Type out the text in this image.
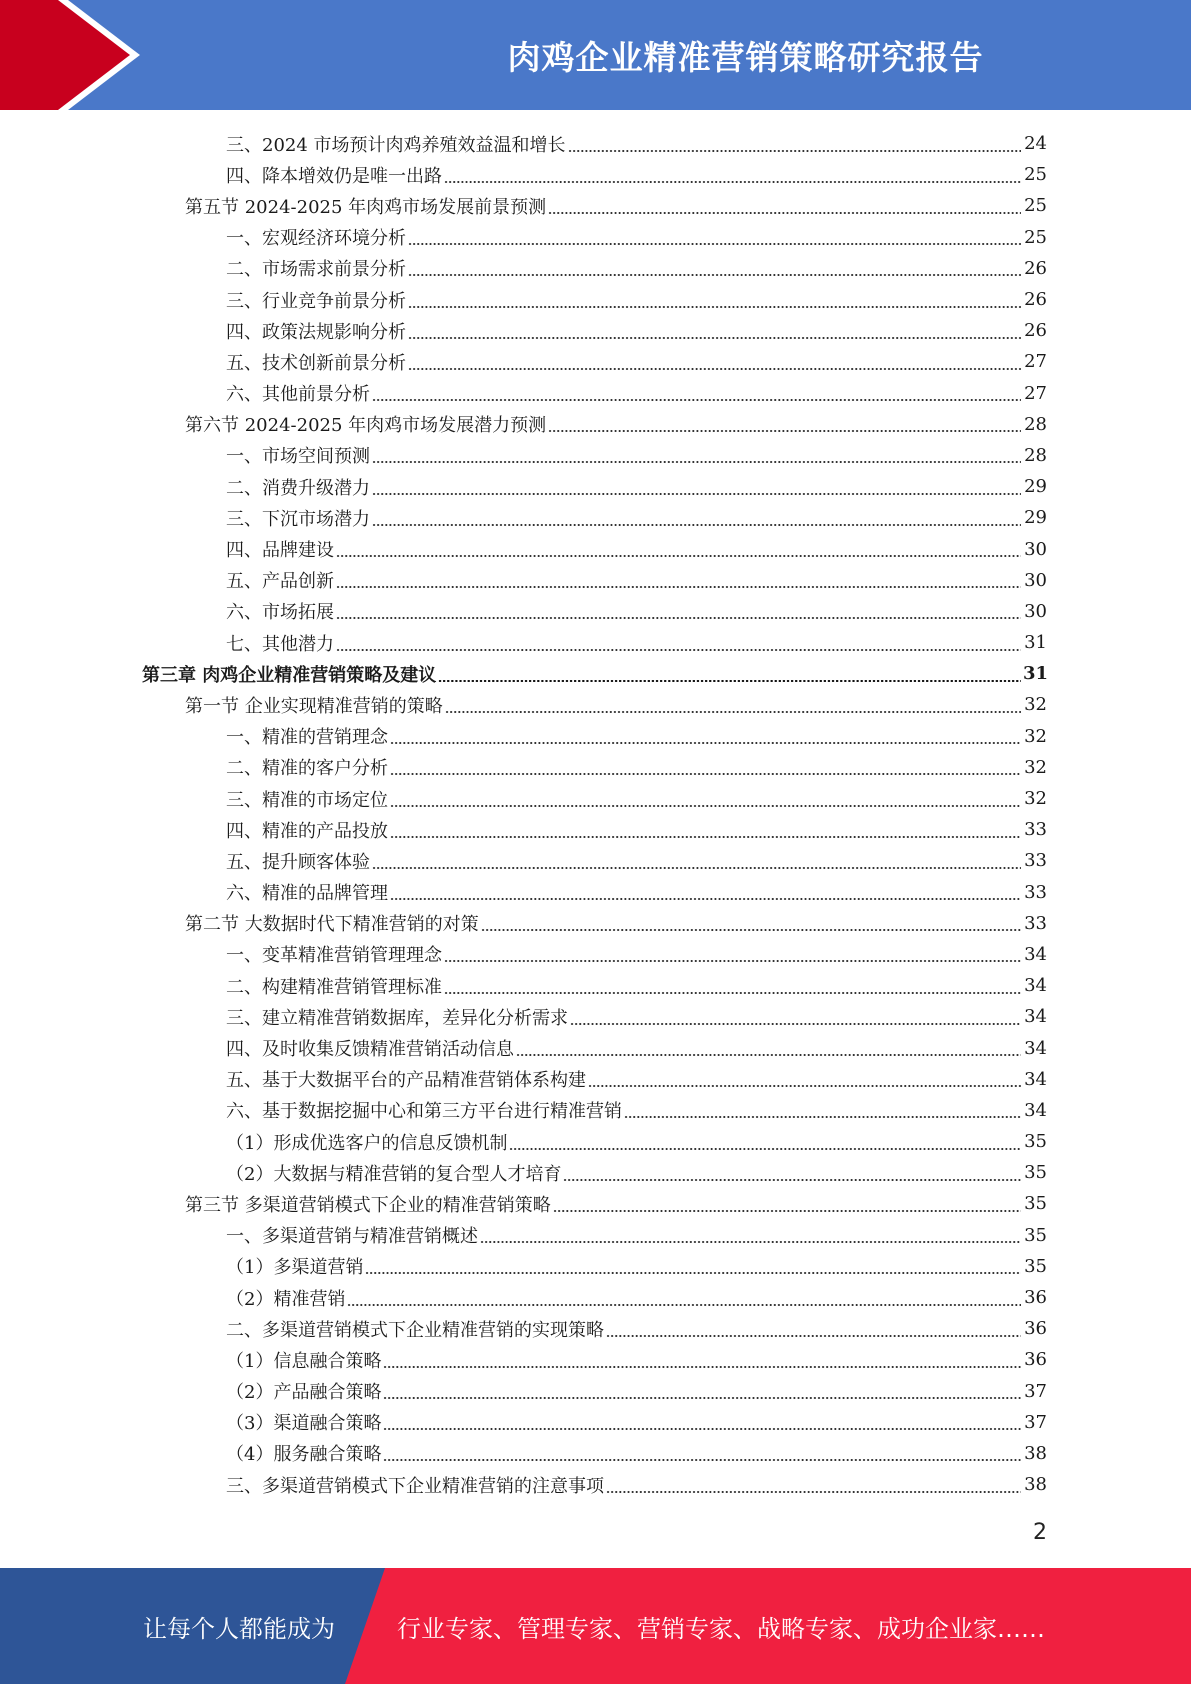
肉鸡企业精准营销策略研究报告
三、2024 市场预计肉鸡养殖效益温和增长	24
四、降本增效仍是唯一出路	25
第五节 2024-2025 年肉鸡市场发展前景预测	25
一、宏观经济环境分析	25
二、市场需求前景分析	26
三、行业竞争前景分析	26
四、政策法规影响分析	26
五、技术创新前景分析	27
六、其他前景分析	27
第六节 2024-2025 年肉鸡市场发展潜力预测	28
一、市场空间预测	28
二、消费升级潜力	29
三、下沉市场潜力	29
四、品牌建设	30
五、产品创新	30
六、市场拓展	30
七、其他潜力	31
第三章 肉鸡企业精准营销策略及建议	31
第一节 企业实现精准营销的策略	32
一、精准的营销理念	32
二、精准的客户分析	32
三、精准的市场定位	32
四、精准的产品投放	33
五、提升顾客体验	33
六、精准的品牌管理	33
第二节 大数据时代下精准营销的对策	33
一、变革精准营销管理理念	34
二、构建精准营销管理标准	34
三、建立精准营销数据库，差异化分析需求	34
四、及时收集反馈精准营销活动信息	34
五、基于大数据平台的产品精准营销体系构建	34
六、基于数据挖掘中心和第三方平台进行精准营销	34
（1）形成优选客户的信息反馈机制	35
（2）大数据与精准营销的复合型人才培育	35
第三节 多渠道营销模式下企业的精准营销策略	35
一、多渠道营销与精准营销概述	35
（1）多渠道营销	35
（2）精准营销	36
二、多渠道营销模式下企业精准营销的实现策略	36
（1）信息融合策略	36
（2）产品融合策略	37
（3）渠道融合策略	37
（4）服务融合策略	38
三、多渠道营销模式下企业精准营销的注意事项	38
2
让每个人都能成为	行业专家、管理专家、营销专家、战略专家、成功企业家……
